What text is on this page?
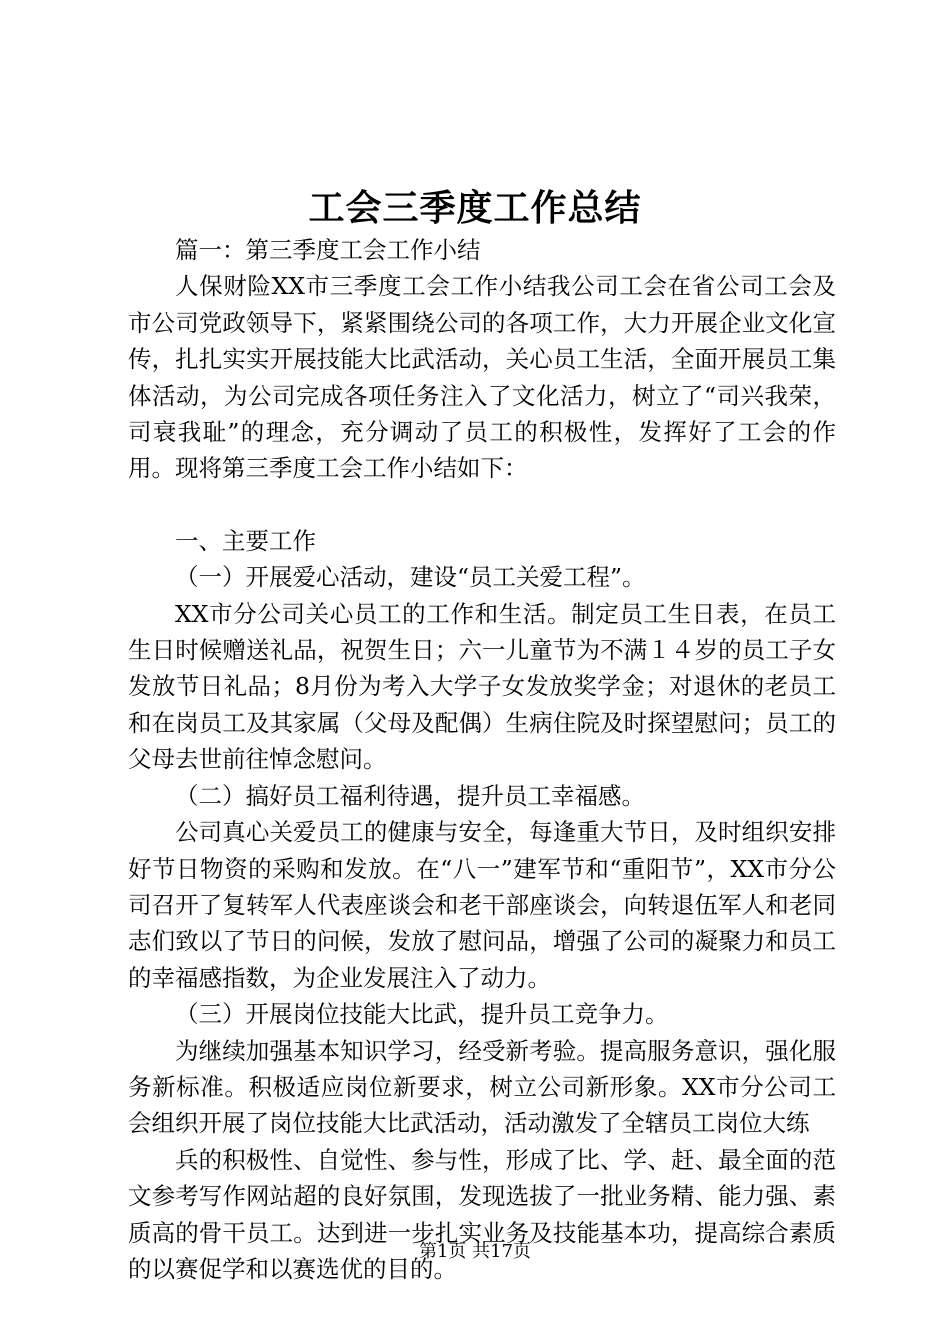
工会三季度工作总结

篇一：第三季度工会工作小结

人保财险XX市三季度工会工作小结我公司工会在省公司工会及市公司党政领导下，紧紧围绕公司的各项工作，大力开展企业文化宣传，扎扎实实开展技能大比武活动，关心员工生活，全面开展员工集体活动，为公司完成各项任务注入了文化活力，树立了“司兴我荣，司衰我耻”的理念，充分调动了员工的积极性，发挥好了工会的作用。现将第三季度工会工作小结如下：

一、主要工作

（一）开展爱心活动，建设“员工关爱工程”。

XX市分公司关心员工的工作和生活。制定员工生日表，在员工生日时候赠送礼品，祝贺生日；六一儿童节为不满１４岁的员工子女发放节日礼品；8月份为考入大学子女发放奖学金；对退休的老员工和在岗员工及其家属（父母及配偶）生病住院及时探望慰问；员工的父母去世前往悼念慰问。

（二）搞好员工福利待遇，提升员工幸福感。

公司真心关爱员工的健康与安全，每逢重大节日，及时组织安排好节日物资的采购和发放。在“八一”建军节和“重阳节”，XX市分公司召开了复转军人代表座谈会和老干部座谈会，向转退伍军人和老同志们致以了节日的问候，发放了慰问品，增强了公司的凝聚力和员工的幸福感指数，为企业发展注入了动力。

（三）开展岗位技能大比武，提升员工竞争力。

为继续加强基本知识学习，经受新考验。提高服务意识，强化服务新标准。积极适应岗位新要求，树立公司新形象。XX市分公司工会组织开展了岗位技能大比武活动，活动激发了全辖员工岗位大练

兵的积极性、自觉性、参与性，形成了比、学、赶、最全面的范文参考写作网站超的良好氛围，发现选拔了一批业务精、能力强、素质高的骨干员工。达到进一步扎实业务及技能基本功，提高综合素质的以赛促学和以赛选优的目的。

第1页 共17页
